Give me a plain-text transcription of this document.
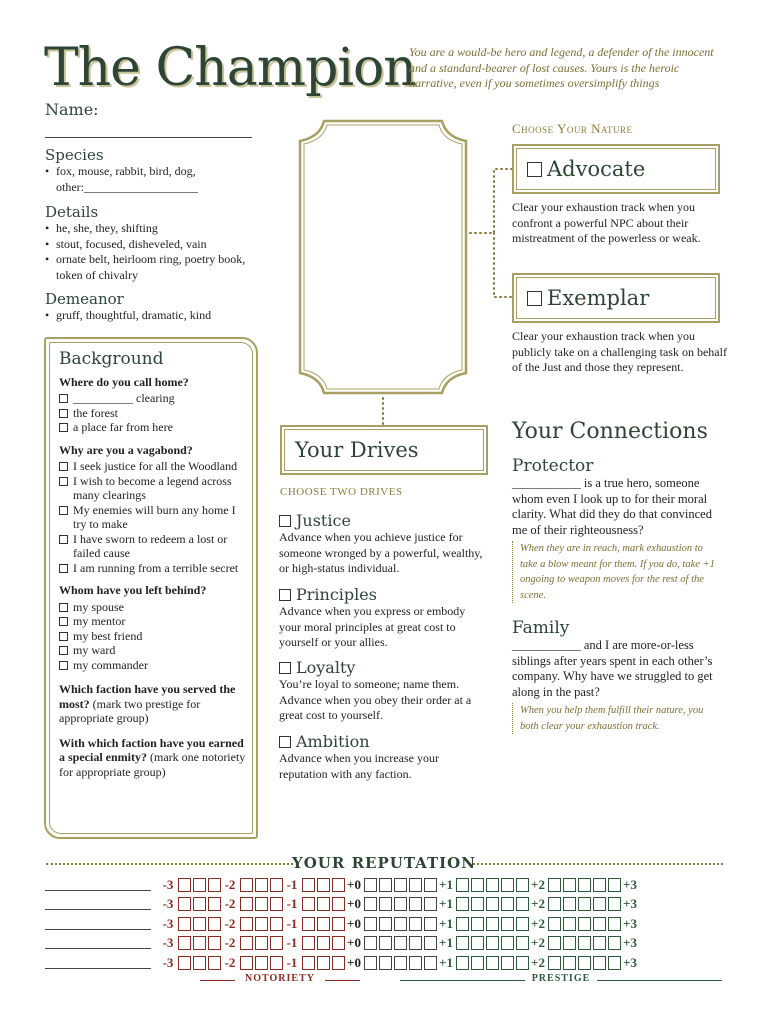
The Champion
You are a would-be hero and legend, a defender of the innocent and a standard-bearer of lost causes. Yours is the heroic narrative, even if you sometimes oversimplify things
Name:
Species
• fox, mouse, rabbit, bird, dog, other:___________________
Details
• he, she, they, shifting
• stout, focused, disheveled, vain
• ornate belt, heirloom ring, poetry book, token of chivalry
Demeanor
• gruff, thoughtful, dramatic, kind
Background
Where do you call home?
__________ clearing
the forest
a place far from here
Why are you a vagabond?
I seek justice for all the Woodland
I wish to become a legend across many clearings
My enemies will burn any home I try to make
I have sworn to redeem a lost or failed cause
I am running from a terrible secret
Whom have you left behind?
my spouse
my mentor
my best friend
my ward
my commander
Which faction have you served the most? (mark two prestige for appropriate group)
With which faction have you earned a special enmity? (mark one notoriety for appropriate group)
Choose Your Nature
Advocate
Clear your exhaustion track when you confront a powerful NPC about their mistreatment of the powerless or weak.
Exemplar
Clear your exhaustion track when you publicly take on a challenging task on behalf of the Just and those they represent.
Your Drives
CHOOSE TWO DRIVES
Justice
Advance when you achieve justice for someone wronged by a powerful, wealthy, or high-status individual.
Principles
Advance when you express or embody your moral principles at great cost to yourself or your allies.
Loyalty
You’re loyal to someone; name them. Advance when you obey their order at a great cost to yourself.
Ambition
Advance when you increase your reputation with any faction.
Your Connections
Protector
___________ is a true hero, someone whom even I look up to for their moral clarity. What did they do that convinced me of their righteousness?
When they are in reach, mark exhaustion to take a blow meant for them. If you do, take +1 ongoing to weapon moves for the rest of the scene.
Family
___________ and I are more-or-less siblings after years spent in each other’s company. Why have we struggled to get along in the past?
When you help them fulfill their nature, you both clear your exhaustion track.
YOUR REPUTATION
-3	-2	-1	+0	+1	+2	+3
-3	-2	-1	+0	+1	+2	+3
-3	-2	-1	+0	+1	+2	+3
-3	-2	-1	+0	+1	+2	+3
-3	-2	-1	+0	+1	+2	+3
NOTORIETY	PRESTIGE
